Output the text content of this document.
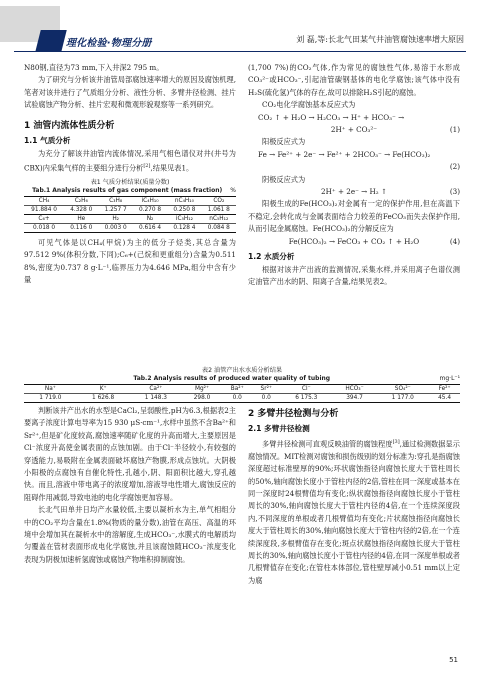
理化检验·物理分册	刘 磊,等:长北气田某气井油管腐蚀速率增大原因

N80钢,直径为73 mm,下入井深2 795 m。

为了研究与分析该井油管局部腐蚀速率增大的原因及腐蚀机理,笔者对该井进行了气质组分分析、液性分析、多臂井径检测、挂片试验腐蚀产物分析、挂片宏观和微观形貌观察等一系列研究。

1 油管内流体性质分析
1.1 气质分析

为充分了解该井油管内流体情况,采用气相色谱仪对井(井号为CBX)内采集气样的主要组分进行分析[2],结果见表1。

表1 气质分析结果(质量分数)
Tab.1 Analysis results of gas component (mass fraction) %
CH₄	C₂H₆	C₃H₈	iC₄H₁₀	nC₄H₁₀	CO₂
91.884 0	4.328 0	1.257 7	0.270 8	0.250 8	1.061 8
C₆+	He	H₂	N₂	iC₅H₁₂	nC₅H₁₂
0.018 0	0.116 0	0.003 0	0.616 4	0.128 4	0.084 8

可见气体是以CH₄(甲烷)为主的低分子烃类,其总含量为97.512 9%(体积分数,下同);C₆+(己烷和更重组分)含量为0.511 8%,密度为0.737 8 g·L⁻¹,临界压力为4.646 MPa,组分中含有少量

表2 油管产出水水质分析结果
Tab.2 Analysis results of produced water quality of tubing	mg·L⁻¹
Na⁺	K⁺	Ca²⁺	Mg²⁺	Ba²⁺	Sr²⁺	Cl⁻	HCO₃⁻	SO₄²⁻	Fe²⁺
1 719.0	1 626.8	1 148.3	298.0	0.0	0.0	6 175.3	394.7	1 177.0	45.4

判断该井产出水的水型是CaCl₂,呈弱酸性,pH为6.3,根据表2主要离子浓度计算电导率为15 930 μS·cm⁻¹,水样中虽然不含Ba²⁺和Sr²⁺,但是矿化度较高,腐蚀速率随矿化度的升高而增大,主要原因是Cl⁻浓度升高使金属表面的点蚀加剧。由于Cl⁻半径较小,有较强的穿透能力,易吸附在金属表面破坏腐蚀产物膜,形成点蚀坑。大阴极小阳极的点腐蚀有自催化特性,孔越小,阴、阳面积比越大,穿孔越快。而且,溶液中带电离子的浓度增加,溶液导电性增大,腐蚀反应的阻碍作用减弱,导致电池的电化学腐蚀更加容易。

长北气田单井日均产水量较低,主要以凝析水为主,单气相组分中的CO₂平均含量在1.8%(物质的量分数),油管在高压、高温的环境中会增加其在凝析水中的溶解度,生成HCO₃⁻,水膜式的电解质均匀覆盖在管材表面形成电化学腐蚀,并且该腐蚀随HCO₃⁻浓度变化表现为阴极加速析氢腐蚀或腐蚀产物堆积抑制腐蚀。

(1,700 7%)的CO₂气体,作为常见的腐蚀性气体,易溶于水形成CO₃²⁻或HCO₃⁻,引起油管碳钢基体的电化学腐蚀;该气体中没有H₂S(硫化氢)气体的存在,故可以排除H₂S引起的腐蚀。

CO₂电化学腐蚀基本反应式为

CO₂ ↑ + H₂O → H₂CO₃ → H⁺ + HCO₃⁻ →
2H⁺ + CO₃²⁻	(1)

阳极反应式为

Fe → Fe²⁺ + 2e⁻ → Fe²⁺ + 2HCO₃⁻ → Fe(HCO₃)₂
(2)

阴极反应式为

2H⁺ + 2e⁻ → H₂ ↑	(3)

阳极生成的Fe(HCO₃)₂对金属有一定的保护作用,但在高温下不稳定,会转化成与金属表面结合力较差的FeCO₃而失去保护作用,从而引起金属腐蚀。Fe(HCO₃)₂的分解反应为

Fe(HCO₃)₂ → FeCO₃ + CO₂ ↑ + H₂O	(4)
1.2 水质分析

根据对该井产出液的监测情况,采集水样,并采用离子色谱仪测定油管产出水的阴、阳离子含量,结果见表2。

2 多臂井径检测与分析
2.1 多臂井径检测

多臂井径检测可直观反映油管的腐蚀程度[3],通过检测数据显示腐蚀情况。MIT检测对腐蚀和损伤级别的划分标准为:穿孔是指腐蚀深度超过标准壁厚的90%;环状腐蚀指径向腐蚀长度大于管柱周长的50%,轴向腐蚀长度小于管柱内径的2倍,管柱在同一深度或基本在同一深度时24根臂值均有变化;纵状腐蚀指径向腐蚀长度小于管柱周长的30%,轴向腐蚀长度大于管柱内径的4倍,在一个连续深度段内,不同深度的单根或者几根臂值均有变化;片状腐蚀指径向腐蚀长度大于管柱周长的30%,轴向腐蚀长度大于管柱内径的2倍,在一个连续深度段,多根臂值存在变化;斑点状腐蚀指径向腐蚀长度大于管柱周长的30%,轴向腐蚀长度小于管柱内径的4倍,在同一深度单根或者几根臂值存在变化;在管柱本体部位,管柱壁厚减小0.51 mm以上定为腐

51
